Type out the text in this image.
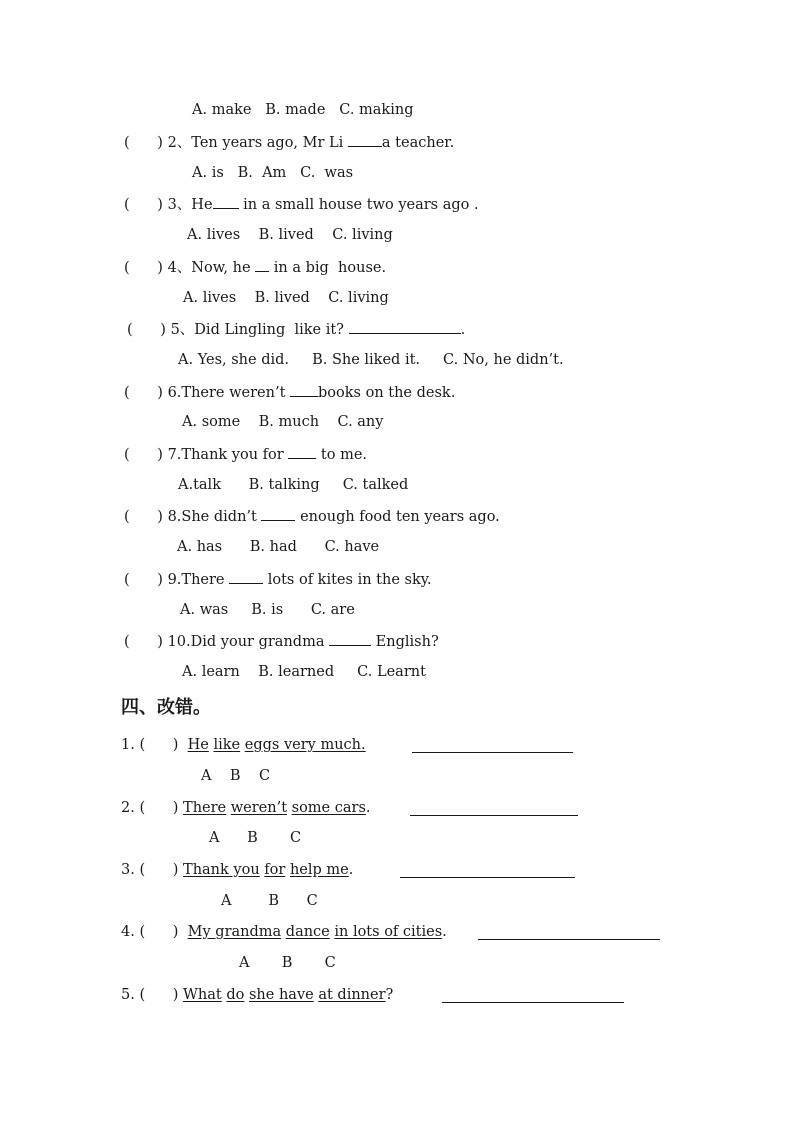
A. make   B. made   C. making
(      ) 2、Ten years ago, Mr Li a teacher.
A. is   B.  Am   C.  was
(      ) 3、He in a small house two years ago .
A. lives    B. lived    C. living
(      ) 4、Now, he  in a big  house.
A. lives    B. lived    C. living
(      ) 5、Did Lingling  like it?	.
A. Yes, she did.     B. She liked it.     C. No, he didn’t.
(      ) 6.There weren’t books on the desk.
A. some    B. much    C. any
(      ) 7.Thank you for  to me.
A.talk      B. talking     C. talked
(      ) 8.She didn’t  enough food ten years ago.
A. has      B. had      C. have
(      ) 9.There  lots of kites in the sky.
A. was     B. is      C. are
(      ) 10.Did your grandma	English?
A. learn    B. learned     C. Learnt
四、改错。
1. (      )  He like eggs very much.
A    B    C
2. (      ) There weren’t some cars.
A      B       C
3. (      ) Thank you for help me.
A        B      C
4. (      )  My grandma dance in lots of cities.
A       B       C
5. (      ) What do she have at dinner?
